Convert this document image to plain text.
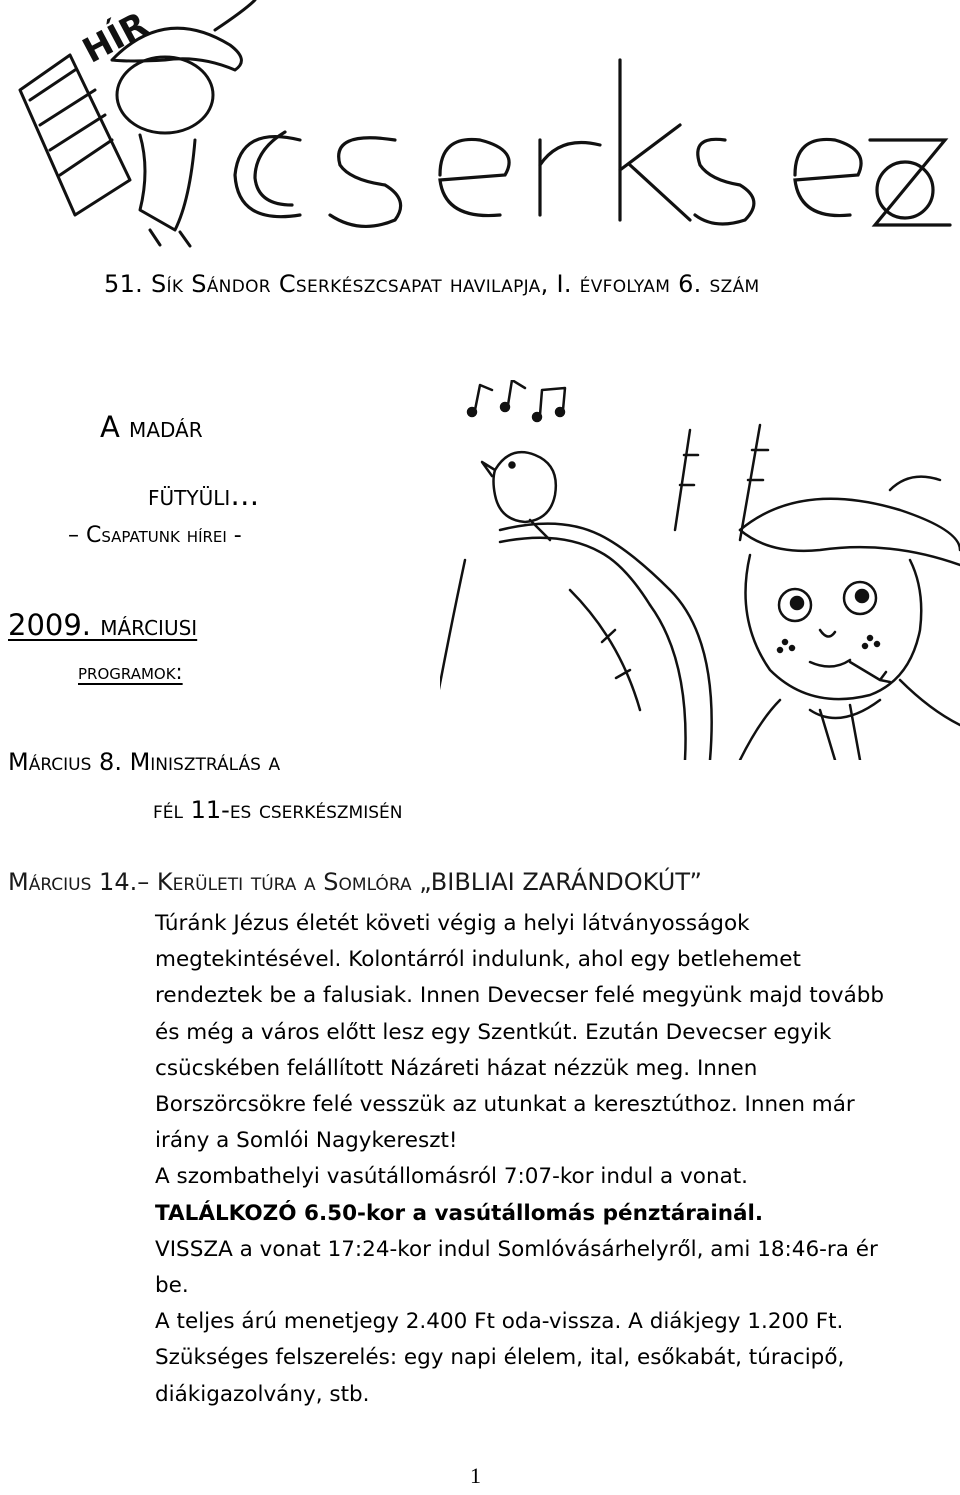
HÍR
51. Sík Sándor Cserkészcsapat havilapja, I. évfolyam 6. szám
A madár
fütyüli…
– Csapatunk hírei -
2009. márciusi
programok:
Március 8. Minisztrálás a
fél 11-es cserkészmisén
Március 14.– Kerületi túra a Somlóra „BIBLIAI ZARÁNDOKÚT”
Túránk Jézus életét követi végig a helyi látványosságok
megtekintésével. Kolontárról indulunk, ahol egy betlehemet
rendeztek be a falusiak. Innen Devecser felé megyünk majd tovább
és még a város előtt lesz egy Szentkút. Ezután Devecser egyik
csücskében felállított Názáreti házat nézzük meg. Innen
Borszörcsökre felé vesszük az utunkat a keresztúthoz. Innen már
irány a Somlói Nagykereszt!
A szombathelyi vasútállomásról 7:07-kor indul a vonat.
TALÁLKOZÓ 6.50-kor a vasútállomás pénztárainál.
VISSZA a vonat 17:24-kor indul Somlóvásárhelyről, ami 18:46-ra ér
be.
A teljes árú menetjegy 2.400 Ft oda-vissza. A diákjegy 1.200 Ft.
Szükséges felszerelés: egy napi élelem, ital, esőkabát, túracipő,
diákigazolvány, stb.
1
